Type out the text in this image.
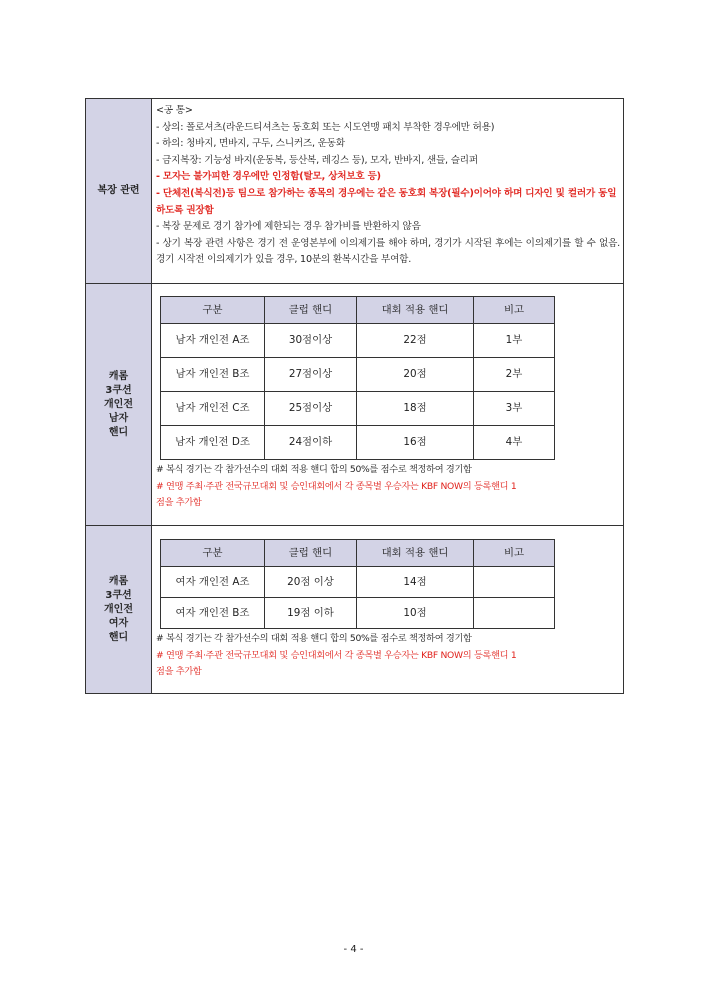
복장 관련	
<공 통>
- 상의: 폴로셔츠(라운드티셔츠는 동호회 또는 시도연맹 패치 부착한 경우에만 허용)
- 하의: 청바지, 면바지, 구두, 스니커즈, 운동화
- 금지복장: 기능성 바지(운동복, 등산복, 레깅스 등), 모자, 반바지, 샌들, 슬리퍼
- 모자는 불가피한 경우에만 인정함(탈모, 상처보호 등)
- 단체전(복식전)등 팀으로 참가하는 종목의 경우에는 같은 동호회 복장(필수)이어야 하며 디자인 및 컬러가 동일하도록 권장함
- 복장 문제로 경기 참가에 제한되는 경우 참가비를 반환하지 않음
- 상기 복장 관련 사항은 경기 전 운영본부에 이의제기를 해야 하며, 경기가 시작된 후에는 이의제기를 할 수 없음. 경기 시작전 이의제기가 있을 경우, 10분의 환복시간을 부여함.

캐롬
3쿠션
개인전
남자
핸디	
구분	클럽 핸디	대회 적용 핸디	비고
남자 개인전 A조	30점이상	22점	1부
남자 개인전 B조	27점이상	20점	2부
남자 개인전 C조	25점이상	18점	3부
남자 개인전 D조	24점이하	16점	4부
# 복식 경기는 각 참가선수의 대회 적용 핸디 합의 50%를 점수로 책정하여 경기함
# 연맹 주최·주관 전국규모대회 및 승인대회에서 각 종목별 우승자는 KBF NOW의 등록핸디 1
점을 추가함

캐롬
3쿠션
개인전
여자
핸디	
구분	클럽 핸디	대회 적용 핸디	비고
여자 개인전 A조	20점 이상	14점	
여자 개인전 B조	19점 이하	10점	
# 복식 경기는 각 참가선수의 대회 적용 핸디 합의 50%를 점수로 책정하여 경기함
# 연맹 주최·주관 전국규모대회 및 승인대회에서 각 종목별 우승자는 KBF NOW의 등록핸디 1
점을 추가함
- 4 -
